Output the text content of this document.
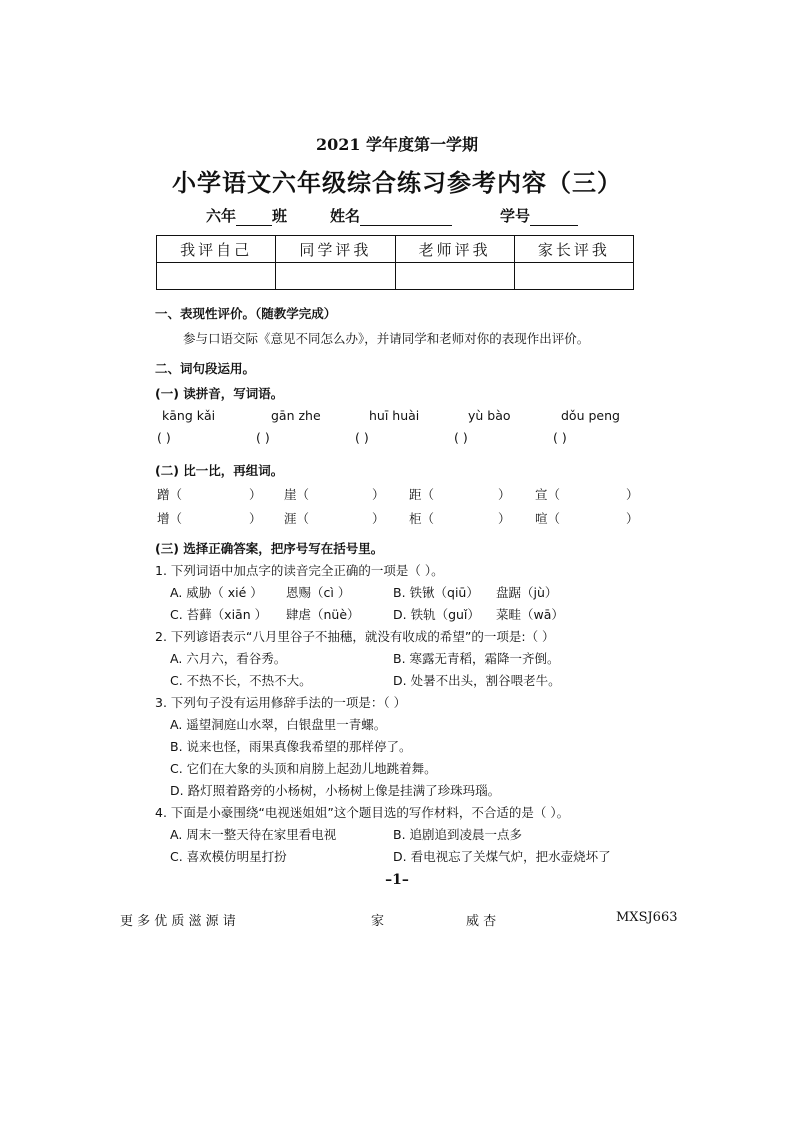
2021 学年度第一学期
小学语文六年级综合练习参考内容（三）
六年 班	姓名	学号
我评自己	同学评我	老师评我	家长评我

一、表现性评价。（随教学完成）
参与口语交际《意见不同怎么办》，并请同学和老师对你的表现作出评价。
二、词句段运用。
(一) 读拼音，写词语。
kāng kǎi	gān zhe	huī huài	yù bào	dǒu peng
( )	( )	( )	( )	( )
(二) 比一比，再组词。
蹭（	） 崖（	） 距（	） 宣（	）
增（	） 涯（	） 柜（	） 喧（	）
(三) 选择正确答案，把序号写在括号里。
1. 下列词语中加点字的读音完全正确的一项是（ ）。
A. 威胁（ xié ） 恩赐（cì ）	B. 铁锹（qiū） 盘踞（jù）
C. 苔藓（xiān ） 肆虐（nüè）	D. 铁轨（guǐ） 菜畦（wā）
2. 下列谚语表示“八月里谷子不抽穗，就没有收成的希望”的一项是:（ ）
A. 六月六，看谷秀。	B. 寒露无青稻，霜降一齐倒。
C. 不热不长，不热不大。	D. 处暑不出头，割谷喂老牛。
3. 下列句子没有运用修辞手法的一项是：（ ）
A. 遥望洞庭山水翠，白银盘里一青螺。
B. 说来也怪，雨果真像我希望的那样停了。
C. 它们在大象的头顶和肩膀上起劲儿地跳着舞。
D. 路灯照着路旁的小杨树，小杨树上像是挂满了珍珠玛瑙。
4. 下面是小豪围绕“电视迷姐姐”这个题目选的写作材料，不合适的是（ ）。
A. 周末一整天待在家里看电视	B. 追剧追到凌晨一点多
C. 喜欢模仿明星打扮	D. 看电视忘了关煤气炉，把水壶烧坏了
–1–
更 多 优 质 滋 源 请	家	威 杏	MXSJ663
